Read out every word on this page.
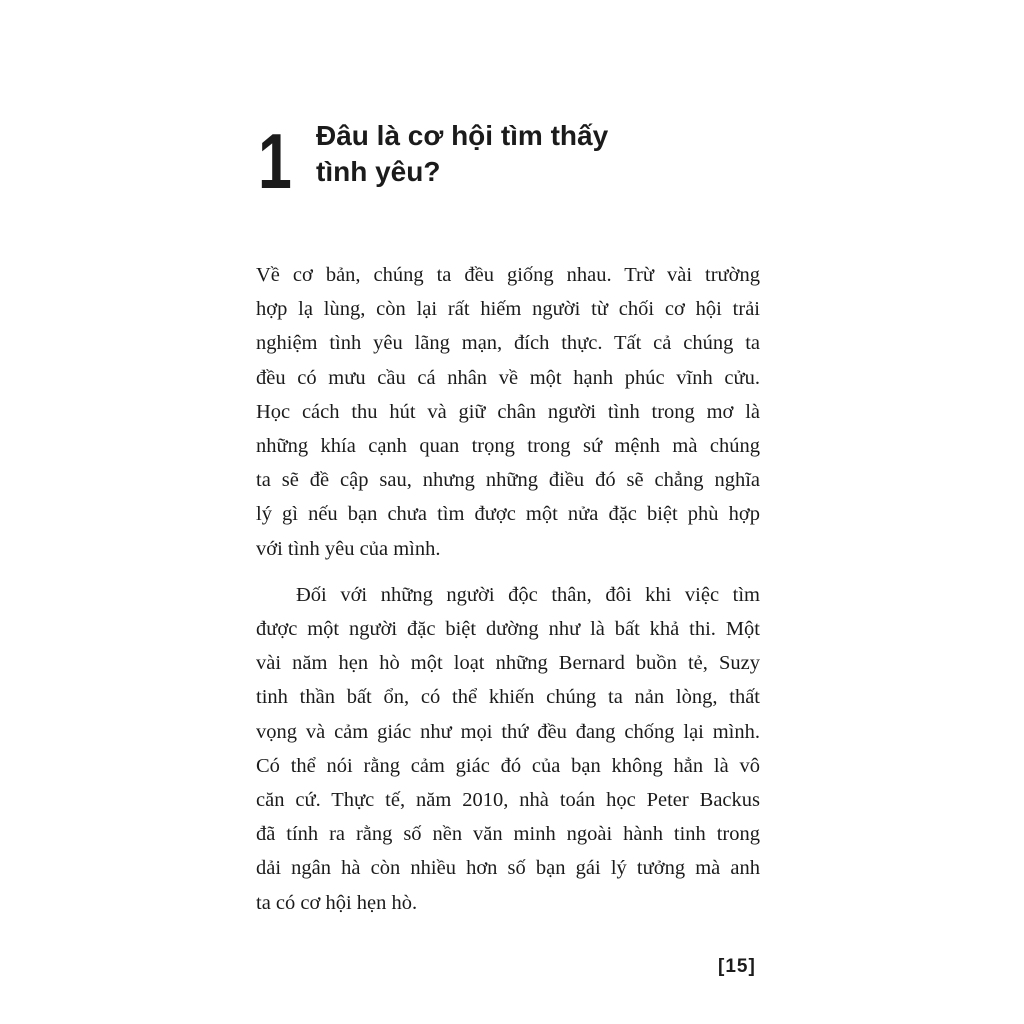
1 Đâu là cơ hội tìm thấy
tình yêu?
Về cơ bản, chúng ta đều giống nhau. Trừ vài trường
hợp lạ lùng, còn lại rất hiếm người từ chối cơ hội trải
nghiệm tình yêu lãng mạn, đích thực. Tất cả chúng ta
đều có mưu cầu cá nhân về một hạnh phúc vĩnh cửu.
Học cách thu hút và giữ chân người tình trong mơ là
những khía cạnh quan trọng trong sứ mệnh mà chúng
ta sẽ đề cập sau, nhưng những điều đó sẽ chẳng nghĩa
lý gì nếu bạn chưa tìm được một nửa đặc biệt phù hợp
với tình yêu của mình.
Đối với những người độc thân, đôi khi việc tìm
được một người đặc biệt dường như là bất khả thi. Một
vài năm hẹn hò một loạt những Bernard buồn tẻ, Suzy
tinh thần bất ổn, có thể khiến chúng ta nản lòng, thất
vọng và cảm giác như mọi thứ đều đang chống lại mình.
Có thể nói rằng cảm giác đó của bạn không hẳn là vô
căn cứ. Thực tế, năm 2010, nhà toán học Peter Backus
đã tính ra rằng số nền văn minh ngoài hành tinh trong
dải ngân hà còn nhiều hơn số bạn gái lý tưởng mà anh
ta có cơ hội hẹn hò.
[15]
